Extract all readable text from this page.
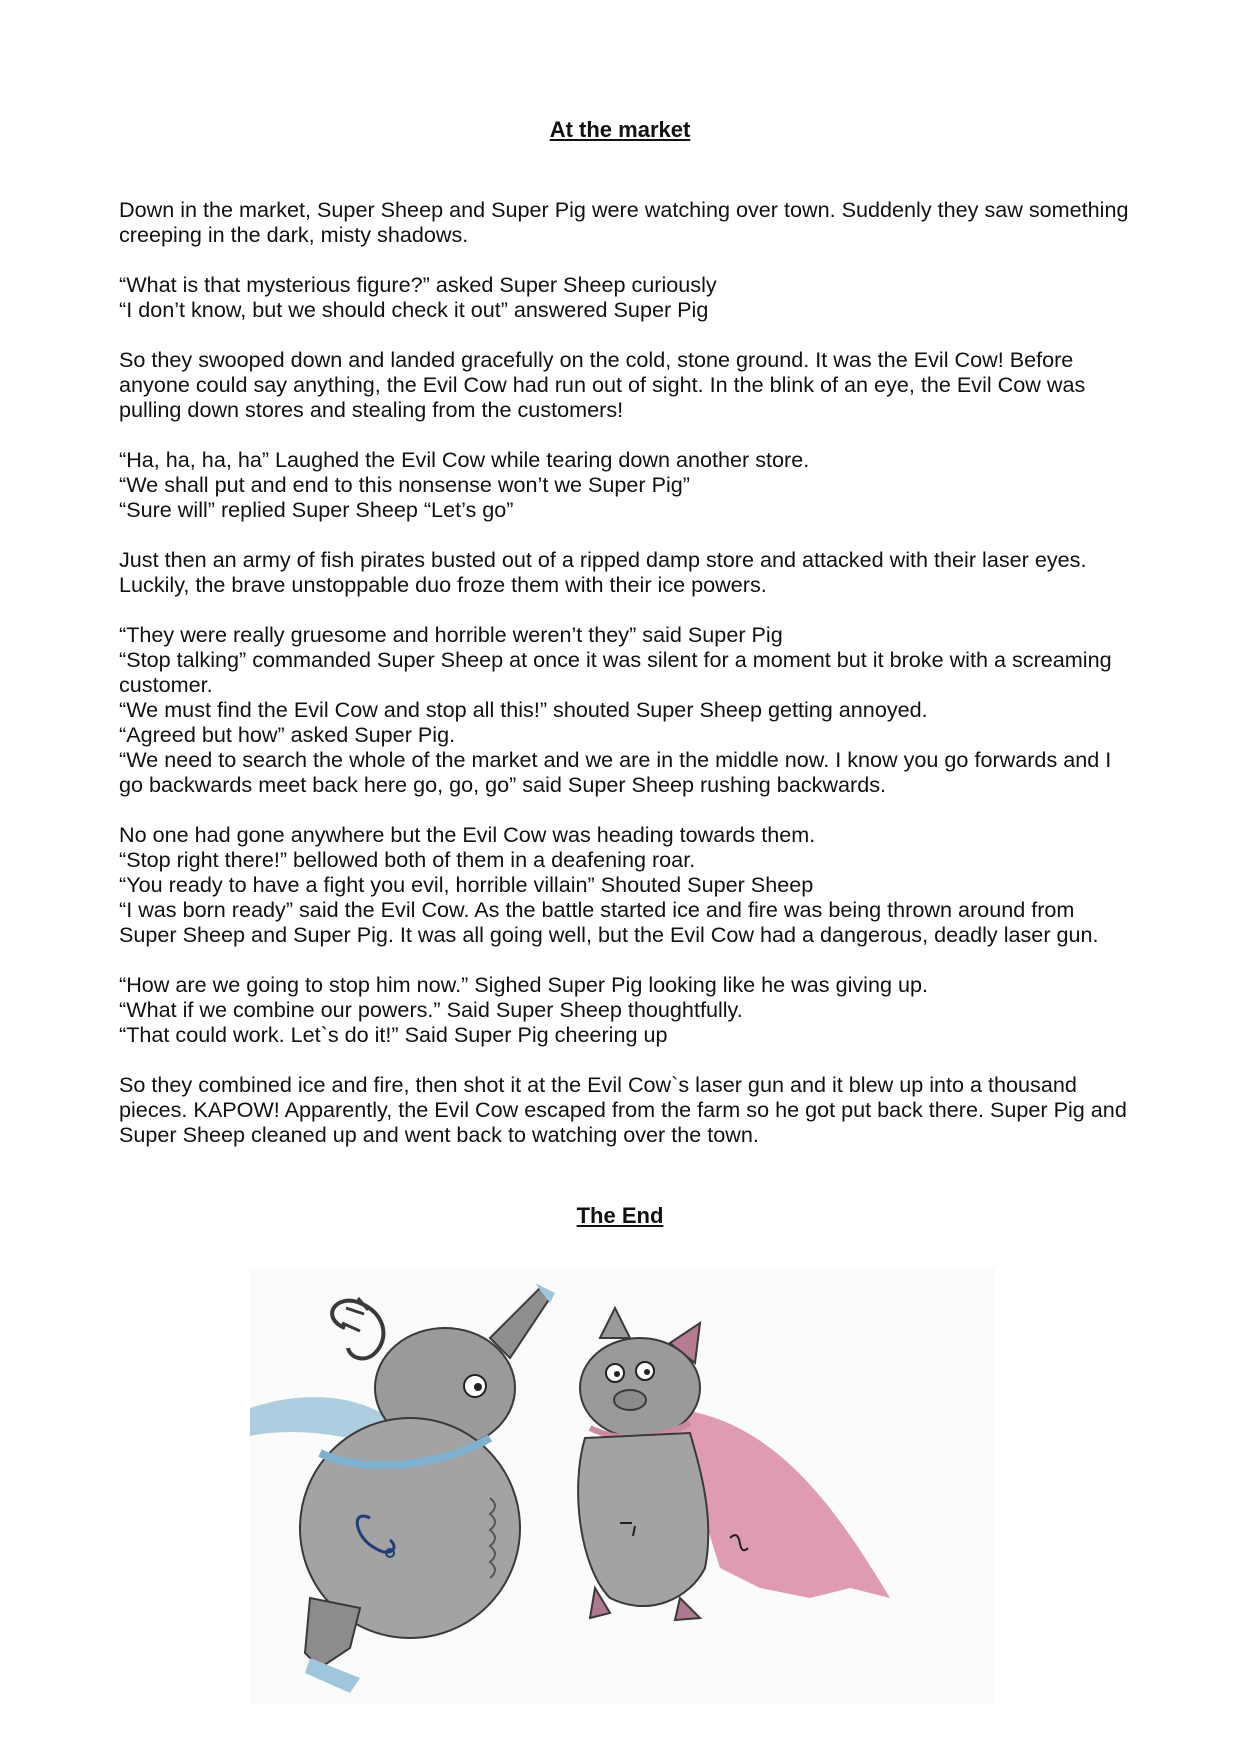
At the market

Down in the market, Super Sheep and Super Pig were watching over town. Suddenly they saw something creeping in the dark, misty shadows.

“What is that mysterious figure?” asked Super Sheep curiously
“I don’t know, but we should check it out” answered Super Pig

So they swooped down and landed gracefully on the cold, stone ground. It was the Evil Cow! Before anyone could say anything, the Evil Cow had run out of sight. In the blink of an eye, the Evil Cow was pulling down stores and stealing from the customers!

“Ha, ha, ha, ha” Laughed the Evil Cow while tearing down another store.
“We shall put and end to this nonsense won’t we Super Pig”
“Sure will” replied Super Sheep “Let’s go”

Just then an army of fish pirates busted out of a ripped damp store and attacked with their laser eyes. Luckily, the brave unstoppable duo froze them with their ice powers.

“They were really gruesome and horrible weren’t they” said Super Pig
“Stop talking” commanded Super Sheep at once it was silent for a moment but it broke with a screaming customer.
“We must find the Evil Cow and stop all this!” shouted Super Sheep getting annoyed.
“Agreed but how” asked Super Pig.
“We need to search the whole of the market and we are in the middle now. I know you go forwards and I go backwards meet back here go, go, go” said Super Sheep rushing backwards.

No one had gone anywhere but the Evil Cow was heading towards them.
“Stop right there!” bellowed both of them in a deafening roar.
“You ready to have a fight you evil, horrible villain” Shouted Super Sheep
“I was born ready” said the Evil Cow. As the battle started ice and fire was being thrown around from Super Sheep and Super Pig. It was all going well, but the Evil Cow had a dangerous, deadly laser gun.

“How are we going to stop him now.” Sighed Super Pig looking like he was giving up.
“What if we combine our powers.” Said Super Sheep thoughtfully.
“That could work. Let`s do it!” Said Super Pig cheering up

So they combined ice and fire, then shot it at the Evil Cow`s laser gun and it blew up into a thousand pieces. KAPOW! Apparently, the Evil Cow escaped from the farm so he got put back there. Super Pig and Super Sheep cleaned up and went back to watching over the town.

The End
